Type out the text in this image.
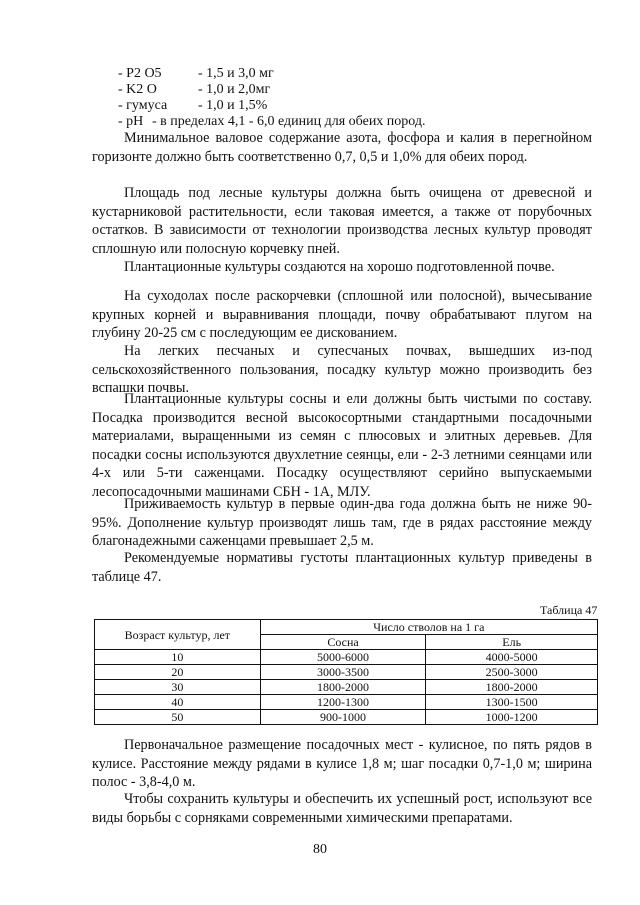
- P2 O5	- 1,5 и 3,0 мг
- K2 O	- 1,0 и 2,0мг
- гумуса - 1,0 и 1,5%
- pH - в пределах 4,1 - 6,0 единиц для обеих пород.
Минимальное валовое содержание азота, фосфора и калия в перегнойном горизонте должно быть соответственно 0,7, 0,5 и 1,0% для обеих пород.
Площадь под лесные культуры должна быть очищена от древесной и кустарниковой растительности, если таковая имеется, а также от порубочных остатков. В зависимости от технологии производства лесных культур проводят сплошную или полосную корчевку пней.
Плантационные культуры создаются на хорошо подготовленной почве.
На суходолах после раскорчевки (сплошной или полосной), вычесывание крупных корней и выравнивания площади, почву обрабатывают плугом на глубину 20-25 см с последующим ее дискованием.
На легких песчаных и супесчаных почвах, вышедших из-под сельскохозяйственного пользования, посадку культур можно производить без вспашки почвы.
Плантационные культуры сосны и ели должны быть чистыми по составу. Посадка производится весной высокосортными стандартными посадочными материалами, выращенными из семян с плюсовых и элитных деревьев. Для посадки сосны используются двухлетние сеянцы, ели - 2-3 летними сеянцами или 4-х или 5-ти саженцами. Посадку осуществляют серийно выпускаемыми лесопосадочными машинами СБН - 1А, МЛУ.
Приживаемость культур в первые один-два года должна быть не ниже 90-95%. Дополнение культур производят лишь там, где в рядах расстояние между благонадежными саженцами превышает 2,5 м.
Рекомендуемые нормативы густоты плантационных культур приведены в таблице 47.
Таблица 47
Возраст культур, лет	Число стволов на 1 га	
	Сосна	Ель
10	5000-6000	4000-5000
20	3000-3500	2500-3000
30	1800-2000	1800-2000
40	1200-1300	1300-1500
50	900-1000	1000-1200
Первоначальное размещение посадочных мест - кулисное, по пять рядов в кулисе. Расстояние между рядами в кулисе 1,8 м; шаг посадки 0,7-1,0 м; ширина полос - 3,8-4,0 м.
Чтобы сохранить культуры и обеспечить их успешный рост, используют все виды борьбы с сорняками современными химическими препаратами.
80
